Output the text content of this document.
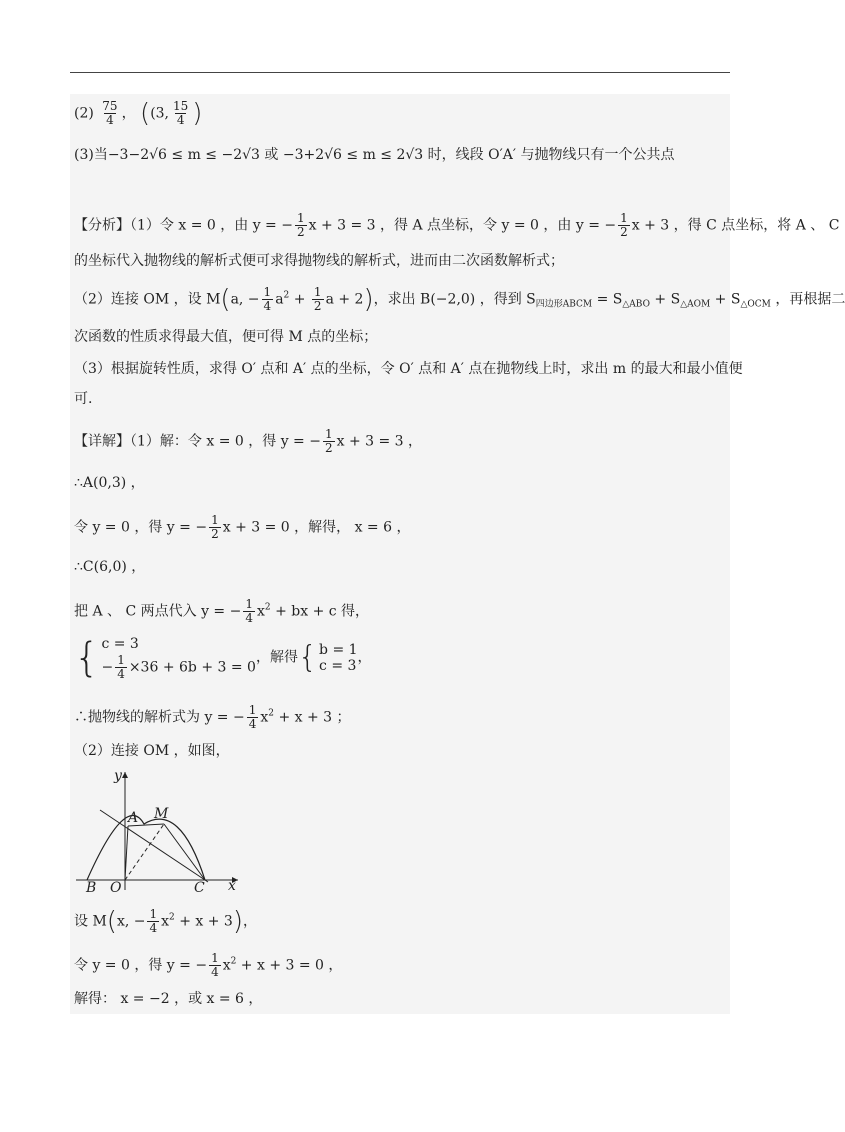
$(2) \frac{75}{4}$ ， ((3, $\frac{15}{4}$ )
(3)当−3−2√6 ≤ m ≤ −2√3 或 −3+2√6 ≤ m ≤ 2√3 时，线段 O′A′ 与抛物线只有一个公共点
【分析】（1）令 x = 0 ，由 y = − $\frac{1}{2}$ x + 3 = 3 ，得 A 点坐标，令 y = 0 ，由 y = − $\frac{1}{2}$ x + 3 ，得 C 点坐标，将 A 、 C
的坐标代入抛物线的解析式便可求得抛物线的解析式，进而由二次函数解析式；
（2）连接 OM ，设 M(a, − $\frac{1}{4} a^2 + \frac{1}{2}$ a + 2)，求出 B(−2,0) ，得到 $S_{四边形ABCM} = S_{\triangle ABO} + S_{\triangle AOM} + S_{\triangle OCM}$ ，再根据二
次函数的性质求得最大值，便可得 M 点的坐标；
（3）根据旋转性质，求得 O′ 点和 A′ 点的坐标，令 O′ 点和 A′ 点在抛物线上时，求出 m 的最大和最小值便
可.
【详解】（1）解：令 x = 0 ，得 y = − $\frac{1}{2}$ x + 3 = 3 ，
∴A(0,3) ，
令 y = 0 ，得 y = − $\frac{1}{2}$ x + 3 = 0 ，解得， x = 6 ，
∴C(6,0) ，
把 A 、 C 两点代入 y = − $\frac{1}{4} x^2$ + bx + c 得，
{ c = 3
− $\frac{1}{4} \times 36 + 6b + 3 = 0$
，解得 { b = 1
c = 3 ，
∴抛物线的解析式为 y = − $\frac{1}{4} x^2 + x + 3$ ；
（2）连接 OM ，如图，
y
x
A M
B O	C
设 M(x, − $\frac{1}{4} x^2 + x + 3$)，
令 y = 0 ，得 y = − $\frac{1}{4} x^2 + x + 3 = 0$ ，
解得： x = −2 ，或 x = 6 ，
